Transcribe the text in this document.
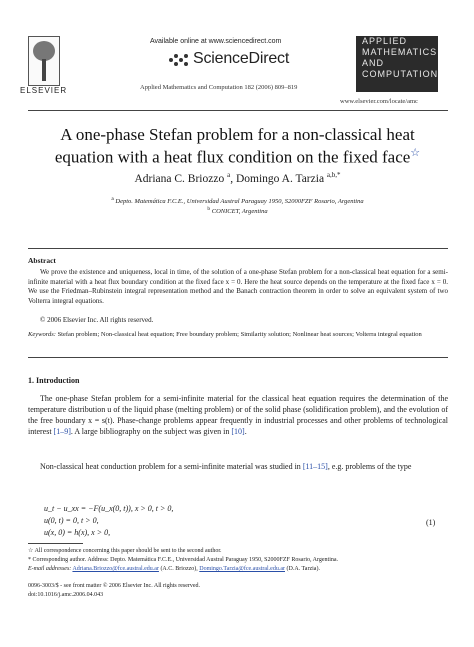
ELSEVIER
Available online at www.sciencedirect.com
ScienceDirect
Applied Mathematics and Computation 182 (2006) 809–819
APPLIED
MATHEMATICS
AND
COMPUTATION
www.elsevier.com/locate/amc
A one-phase Stefan problem for a non-classical heat
equation with a heat flux condition on the fixed face☆
Adriana C. Briozzo $^a$, Domingo A. Tarzia $^{a,b,*}$
$^a$ Depto. Matemática F.C.E., Universidad Austral Paraguay 1950, S2000FZF Rosario, Argentina
$^b$ CONICET, Argentina
Abstract
We prove the existence and uniqueness, local in time, of the solution of a one-phase Stefan problem for a non-classical heat equation for a semi-infinite material with a heat flux boundary condition at the fixed face x = 0. Here the heat source depends on the temperature at the fixed face x = 0. We use the Friedman–Rubinstein integral representation method and the Banach contraction theorem in order to solve an equivalent system of two Volterra integral equations.
© 2006 Elsevier Inc. All rights reserved.
Keywords: Stefan problem; Non-classical heat equation; Free boundary problem; Similarity solution; Nonlinear heat sources; Volterra integral equation
1. Introduction
The one-phase Stefan problem for a semi-infinite material for the classical heat equation requires the determination of the temperature distribution u of the liquid phase (melting problem) or of the solid phase (solidification problem), and the evolution of the free boundary x = s(t). Phase-change problems appear frequently in industrial processes and other problems of technological interest [1–9]. A large bibliography on the subject was given in [10].
Non-classical heat conduction problem for a semi-infinite material was studied in [11–15], e.g. problems of the type
u_t − u_xx = −F(u_x(0, t)), x > 0, t > 0,
u(0, t) = 0, t > 0,
u(x, 0) = h(x), x > 0,
(1)
☆ All correspondence concerning this paper should be sent to the second author.
* Corresponding author. Address: Depto. Matemática F.C.E., Universidad Austral Paraguay 1950, S2000FZF Rosario, Argentina.
E-mail addresses: Adriana.Briozzo@fce.austral.edu.ar (A.C. Briozzo), Domingo.Tarzia@fce.austral.edu.ar (D.A. Tarzia).
0096-3003/$ - see front matter © 2006 Elsevier Inc. All rights reserved.
doi:10.1016/j.amc.2006.04.043
